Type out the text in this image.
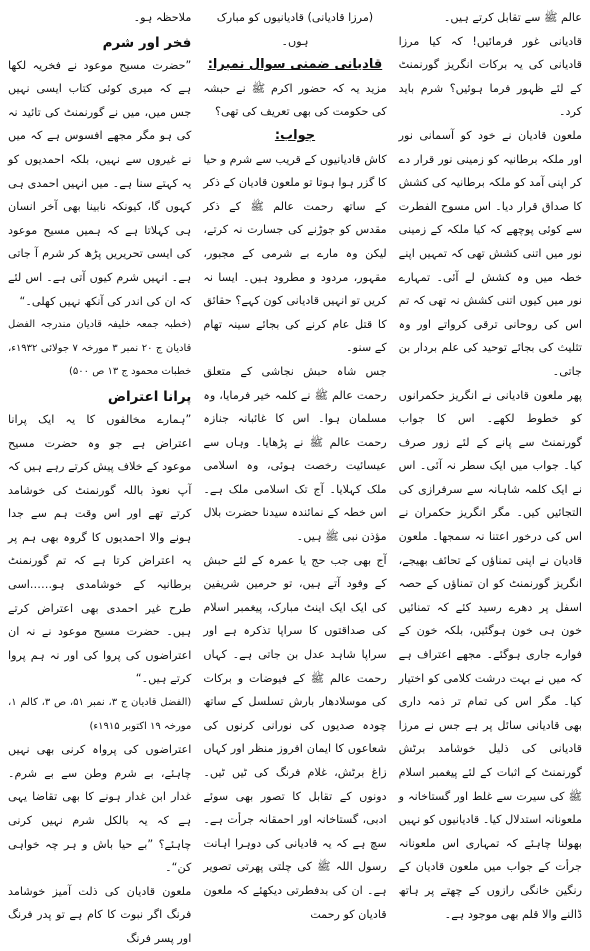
ملاحظہ ہو۔

فخر اور شرم

”حضرت مسیح موعود نے فخریہ لکھا ہے کہ میری کوئی کتاب ایسی نہیں جس میں، میں نے گورنمنٹ کی تائید نہ کی ہو مگر مجھے افسوس ہے کہ میں نے غیروں سے نہیں، بلکہ احمدیوں کو یہ کہتے سنا ہے۔ میں انہیں احمدی ہی کہوں گا، کیونکہ نابینا بھی آخر انسان ہی کہلاتا ہے کہ ہمیں مسیح موعود کی ایسی تحریریں پڑھ کر شرم آ جاتی ہے۔ انہیں شرم کیوں آتی ہے۔ اس لئے کہ ان کی اندر کی آنکھ نہیں کھلی۔“

(خطبہ جمعہ خلیفہ قادیان مندرجہ الفضل قادیان ج ۲۰ نمبر ۳ مورخہ ۷ جولائی ۱۹۳۲ء، خطبات محمود ج ۱۳ ص ۵۰۰)

پرانا اعتراض

”ہمارے مخالفوں کا یہ ایک پرانا اعتراض ہے جو وہ حضرت مسیح موعود کے خلاف پیش کرتے رہے ہیں کہ آپ نعوذ باللہ گورنمنٹ کی خوشامد کرتے تھے اور اس وقت ہم سے جدا ہونے والا احمدیوں کا گروہ بھی ہم پر یہ اعتراض کرتا ہے کہ تم گورنمنٹ برطانیہ کے خوشامدی ہو……اسی طرح غیر احمدی بھی اعتراض کرتے ہیں۔ حضرت مسیح موعود نے نہ ان اعتراضوں کی پروا کی اور نہ ہم پروا کرتے ہیں۔“

(الفضل قادیان ج ۳، نمبر ۵۱، ص ۳، کالم ۱، مورخہ ۱۹ اکتوبر ۱۹۱۵ء)

اعتراضوں کی پرواہ کرنی بھی نہیں چاہئے، بے شرم وطن سے بے شرم۔ غدار ابن غدار ہونے کا بھی تقاضا یہی ہے کہ یہ بالکل شرم نہیں کرنی چاہئے؟ ”بے حیا باش و ہر چہ خواہی کن“۔

ملعون قادیان کی ذلت آمیز خوشامد فرنگ اگر نبوت کا کام ہے تو پدر فرنگ اور پسر فرنگ

(مرزا قادیانی) قادیانیوں کو مبارک ہوں۔

قادیانی ضمنی سوال نمبرا:

مزید یہ کہ حضور اکرم ﷺ نے حبشہ کی حکومت کی بھی تعریف کی تھی؟

جواب:

کاش قادیانیوں کے قریب سے شرم و حیا کا گزر ہوا ہوتا تو ملعون قادیان کے ذکر کے ساتھ رحمت عالم ﷺ کے ذکر مقدس کو جوڑنے کی جسارت نہ کرتے، لیکن وہ مارے بے شرمی کے مجبور، مقہور، مردود و مطرود ہیں۔ ایسا نہ کریں تو انہیں قادیانی کون کہے؟ حقائق کا قتل عام کرنے کی بجائے سینہ تھام کے سنو۔

جس شاہ حبش نجاشی کے متعلق رحمت عالم ﷺ نے کلمہ خیر فرمایا، وہ مسلمان ہوا۔ اس کا غائبانہ جنازہ رحمت عالم ﷺ نے پڑھایا۔ وہاں سے عیسائیت رخصت ہوئی، وہ اسلامی ملک کہلایا۔ آج تک اسلامی ملک ہے۔ اس خطہ کے نمائندہ سیدنا حضرت بلال مؤذن نبی ﷺ ہیں۔

آج بھی جب حج یا عمرہ کے لئے حبش کے وفود آتے ہیں، تو حرمین شریفین کی ایک ایک اینٹ مبارک، پیغمبر اسلام کی صداقتوں کا سراپا تذکرہ ہے اور سراپا شاہد عدل بن جاتی ہے۔ کہاں رحمت عالم ﷺ کے فیوضات و برکات کی موسلادھار بارش تسلسل کے ساتھ چودہ صدیوں کی نورانی کرنوں کی شعاعوں کا ایمان افروز منظر اور کہاں زاغ برٹش، غلام فرنگ کی ٹیں ٹیں۔ دونوں کے تقابل کا تصور بھی سوئے ادبی، گستاخانہ اور احمقانہ جرأت ہے۔ سچ ہے کہ یہ قادیانی کی دوہرا اہانت رسول اللہ ﷺ کی چلتی پھرتی تصویر ہے۔ ان کی بدفطرتی دیکھئے کہ ملعون قادیان کو رحمت

عالم ﷺ سے تقابل کرتے ہیں۔

قادیانی غور فرمائیں! کہ کیا مرزا قادیانی کی یہ برکات انگریز گورنمنٹ کے لئے ظہور فرما ہوئیں؟ شرم باید کرد۔

ملعون قادیان نے خود کو آسمانی نور اور ملکہ برطانیہ کو زمینی نور قرار دے کر اپنی آمد کو ملکہ برطانیہ کی کشش کا صداق قرار دیا۔ اس مسوح الفطرت سے کوئی پوچھے کہ کیا ملکہ کے زمینی نور میں اتنی کشش تھی کہ تمہیں اپنے خطہ میں وہ کشش لے آئی۔ تمہارے نور میں کیوں اتنی کشش نہ تھی کہ تم اس کی روحانی ترقی کرواتے اور وہ تثلیث کی بجائے توحید کی علم بردار بن جاتی۔

پھر ملعون قادیانی نے انگریز حکمرانوں کو خطوط لکھے۔ اس کا جواب گورنمنٹ سے پانے کے لئے زور صرف کیا۔ جواب میں ایک سطر نہ آئی۔ اس نے ایک کلمہ شاہانہ سے سرفرازی کی التجائیں کیں۔ مگر انگریز حکمران نے اس کی درخور اعتنا نہ سمجھا۔ ملعون قادیان نے اپنی تمناؤں کے تحائف بھیجے، انگریز گورنمنٹ کو ان تمناؤں کے حصہ اسفل پر دھرے رسید کئے کہ تمنائیں خون ہی خون ہوگئیں، بلکہ خون کے فوارے جاری ہوگئے۔ مجھے اعتراف ہے کہ میں نے بہت درشت کلامی کو اختیار کیا۔ مگر اس کی تمام تر ذمہ داری بھی قادیانی سائل پر ہے جس نے مرزا قادیانی کی ذلیل خوشامد برٹش گورنمنٹ کے اثبات کے لئے پیغمبر اسلام ﷺ کی سیرت سے غلط اور گستاخانہ و ملعونانہ استدلال کیا۔ قادیانیوں کو نہیں بھولنا چاہئے کہ تمہاری اس ملعونانہ جرأت کے جواب میں ملعون قادیان کے رنگین خانگی رازوں کے چھتے پر ہاتھ ڈالنے والا قلم بھی موجود ہے۔
